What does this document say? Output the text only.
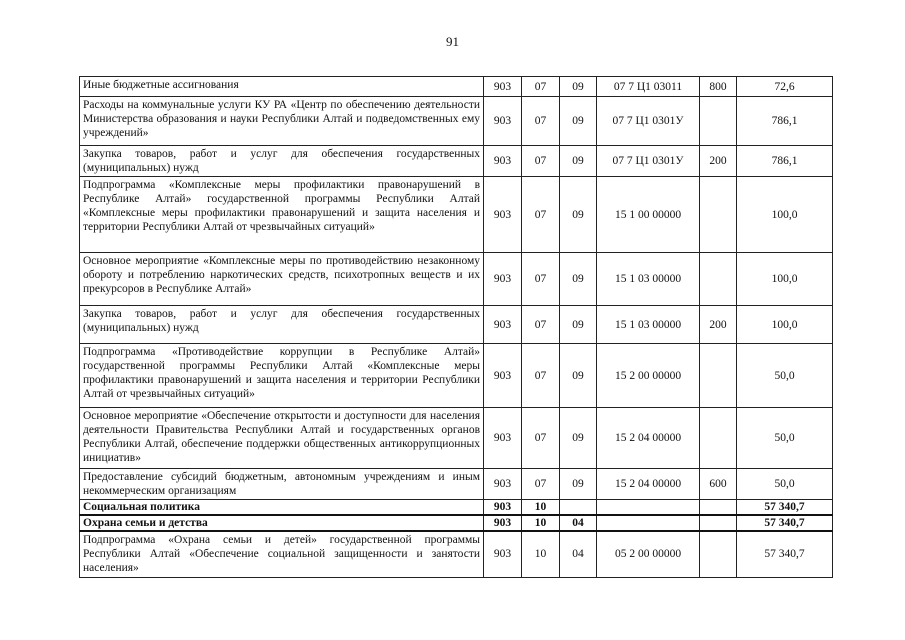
91
Иные бюджетные ассигнования	903	07	09	07 7 Ц1 03011	800	72,6
Расходы на коммунальные услуги КУ РА «Центр по обеспечению деятельности Министерства образования и науки Республики Алтай и подведомственных ему учреждений»	903	07	09	07 7 Ц1 0301У		786,1
Закупка товаров, работ и услуг для обеспечения государственных (муниципальных) нужд	903	07	09	07 7 Ц1 0301У	200	786,1
Подпрограмма «Комплексные меры профилактики правонарушений в Республике Алтай» государственной программы Республики Алтай «Комплексные меры профилактики правонарушений и защита населения и территории Республики Алтай от чрезвычайных ситуаций»	903	07	09	15 1 00 00000		100,0
Основное мероприятие «Комплексные меры по противодействию незаконному обороту и потреблению наркотических средств, психотропных веществ и их прекурсоров в Республике Алтай»	903	07	09	15 1 03 00000		100,0
Закупка товаров, работ и услуг для обеспечения государственных (муниципальных) нужд	903	07	09	15 1 03 00000	200	100,0
Подпрограмма «Противодействие коррупции в Республике Алтай» государственной программы Республики Алтай «Комплексные меры профилактики правонарушений и защита населения и территории Республики Алтай от чрезвычайных ситуаций»	903	07	09	15 2 00 00000		50,0
Основное мероприятие «Обеспечение открытости и доступности для населения деятельности Правительства Республики Алтай и государственных органов Республики Алтай, обеспечение поддержки общественных антикоррупционных инициатив»	903	07	09	15 2 04 00000		50,0
Предоставление субсидий бюджетным, автономным учреждениям и иным некоммерческим организациям	903	07	09	15 2 04 00000	600	50,0
Социальная политика	903	10				57 340,7
Охрана семьи и детства	903	10	04			57 340,7
Подпрограмма «Охрана семьи и детей» государственной программы Республики Алтай «Обеспечение социальной защищенности и занятости населения»	903	10	04	05 2 00 00000		57 340,7
